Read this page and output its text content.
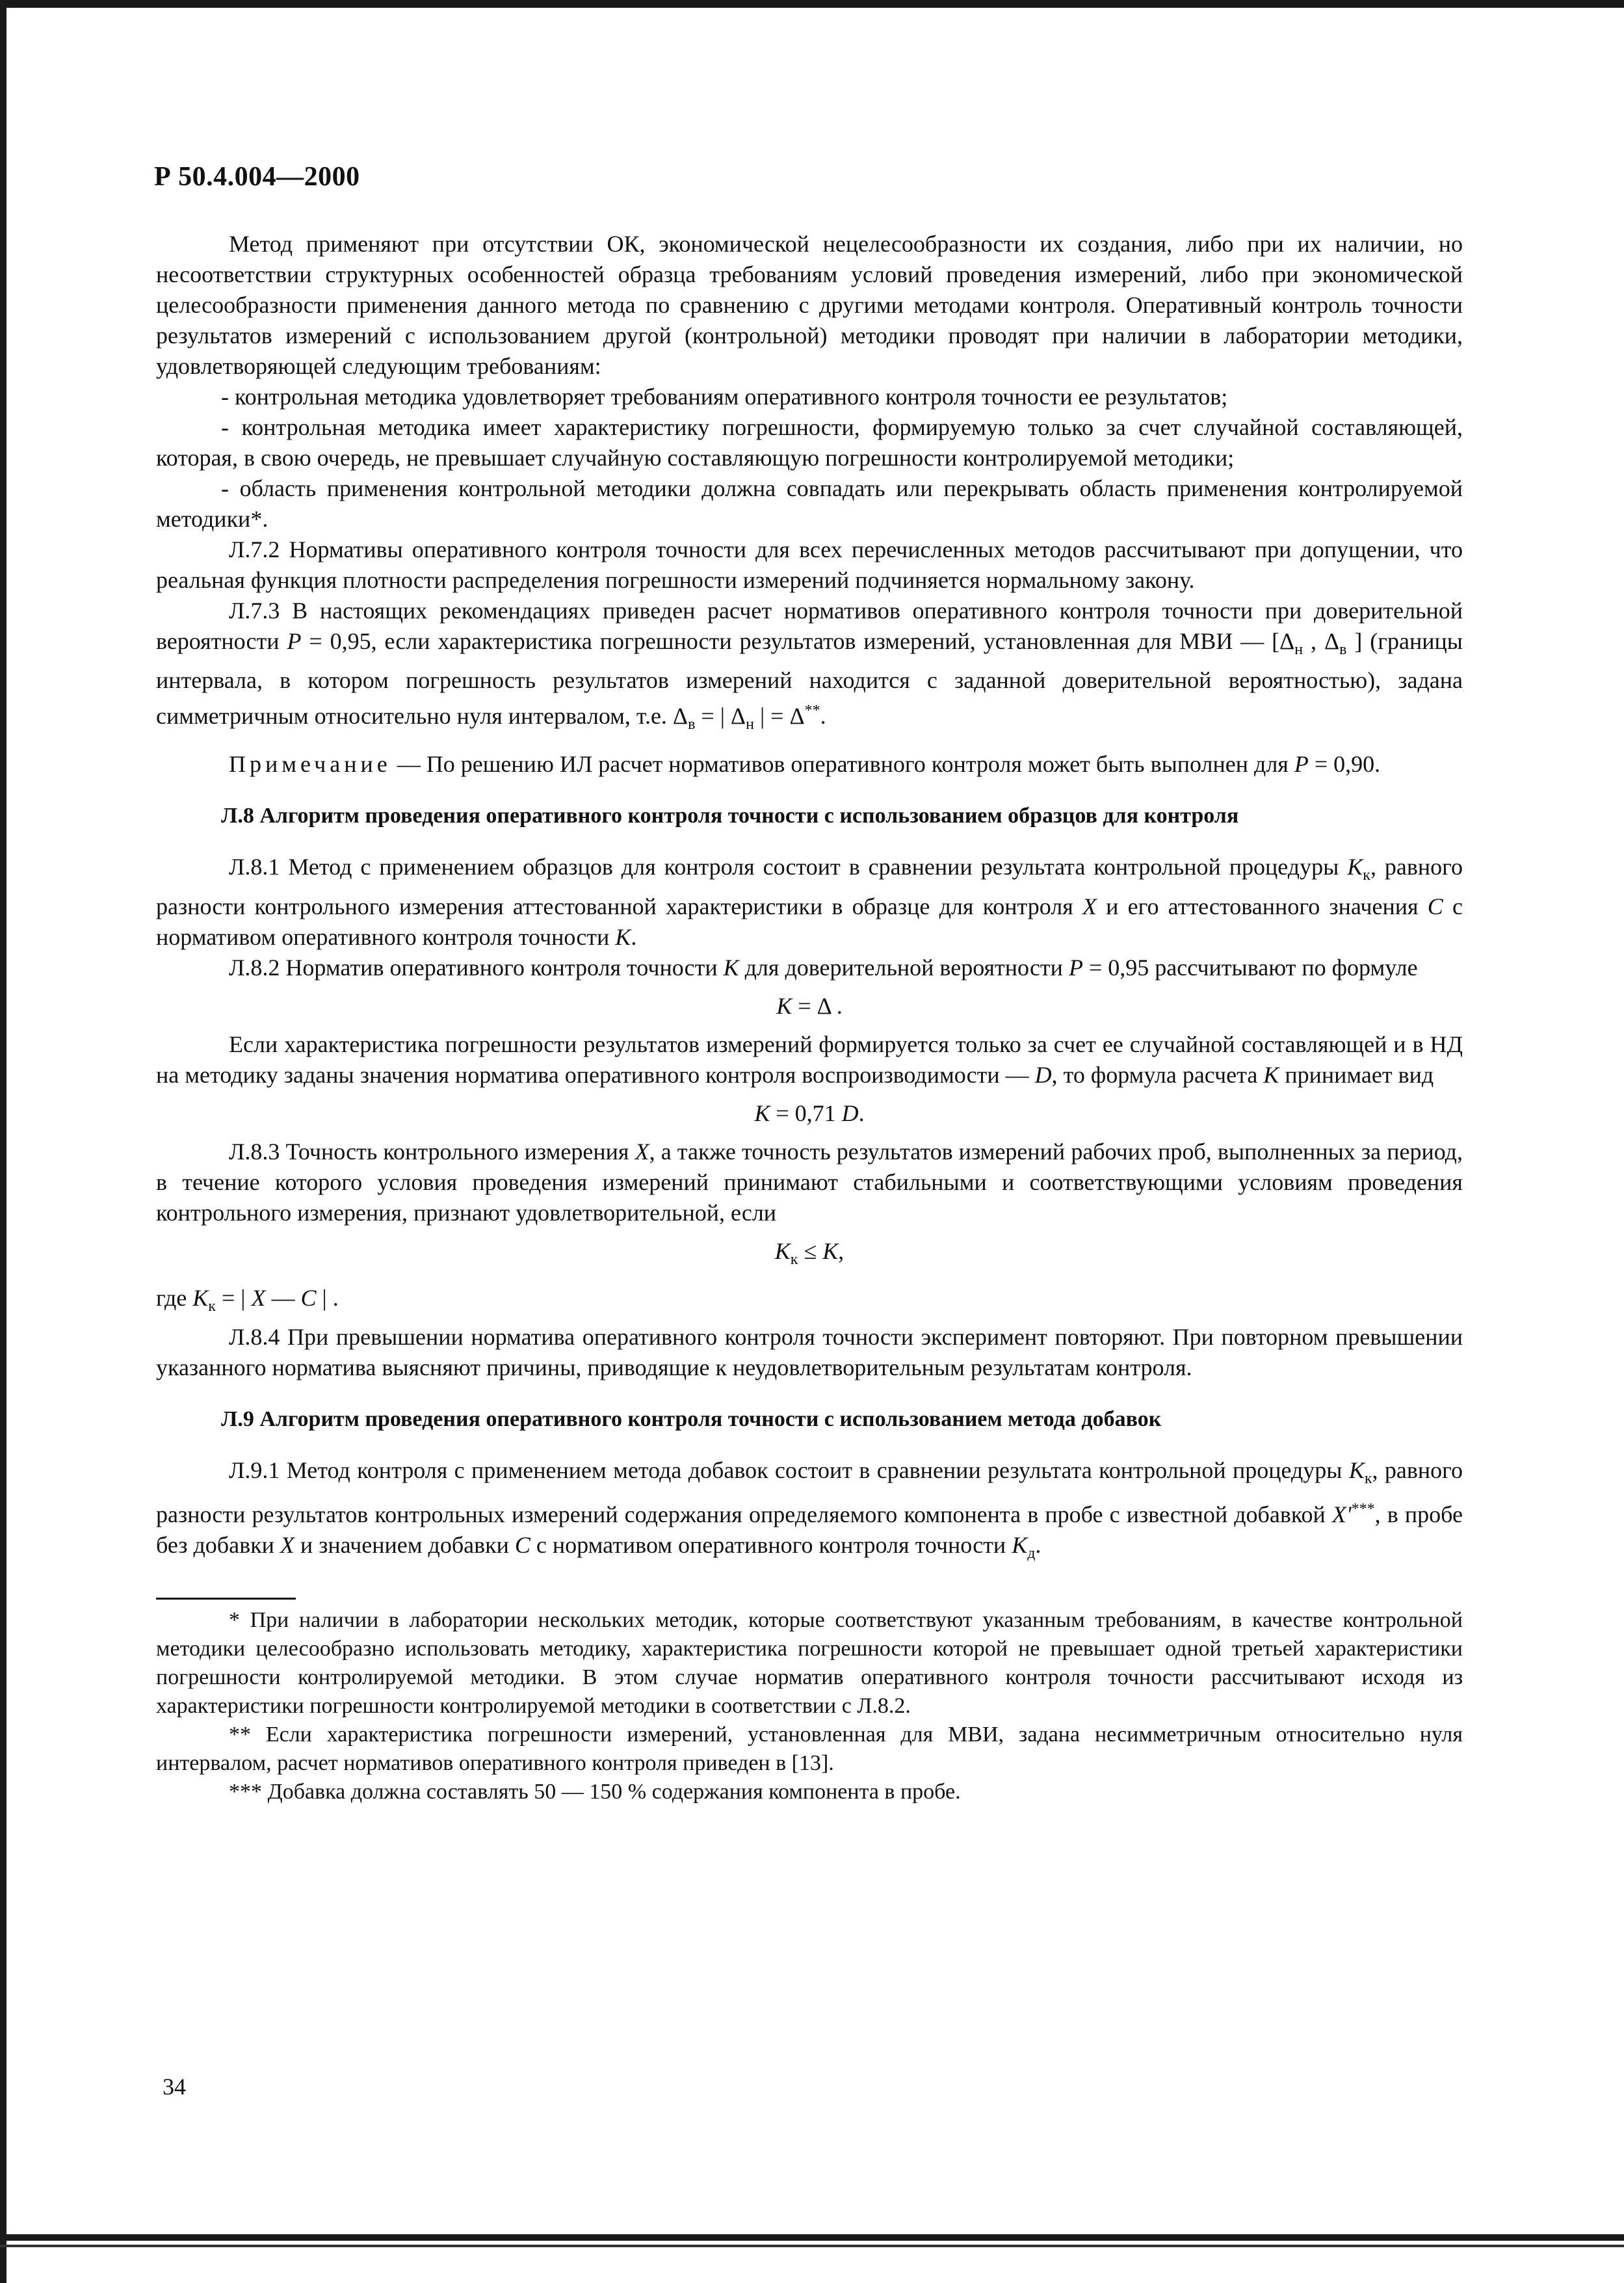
Р 50.4.004—2000

Метод применяют при отсутствии ОК, экономической нецелесообразности их создания, либо при их наличии, но несоответствии структурных особенностей образца требованиям условий проведения измерений, либо при экономической целесообразности применения данного метода по сравнению с другими методами контроля. Оперативный контроль точности результатов измерений с использованием другой (контрольной) методики проводят при наличии в лаборатории методики, удовлетворяющей следующим требованиям:

- контрольная методика удовлетворяет требованиям оперативного контроля точности ее результатов;

- контрольная методика имеет характеристику погрешности, формируемую только за счет случайной составляющей, которая, в свою очередь, не превышает случайную составляющую погрешности контролируемой методики;

- область применения контрольной методики должна совпадать или перекрывать область применения контролируемой методики*.

Л.7.2 Нормативы оперативного контроля точности для всех перечисленных методов рассчитывают при допущении, что реальная функция плотности распределения погрешности измерений подчиняется нормальному закону.

Л.7.3 В настоящих рекомендациях приведен расчет нормативов оперативного контроля точности при доверительной вероятности P = 0,95, если характеристика погрешности результатов измерений, установленная для МВИ — [$\Delta_н$ , $\Delta_в$ ] (границы интервала, в котором погрешность результатов измерений находится с заданной доверительной вероятностью), задана симметричным относительно нуля интервалом, т.е. $\Delta_в$ = | $\Delta_н$ | = Δ**.

Примечание — По решению ИЛ расчет нормативов оперативного контроля может быть выполнен для P = 0,90.

Л.8 Алгоритм проведения оперативного контроля точности с использованием образцов для контроля

Л.8.1 Метод с применением образцов для контроля состоит в сравнении результата контрольной процедуры $K_к$, равного разности контрольного измерения аттестованной характеристики в образце для контроля X и его аттестованного значения C с нормативом оперативного контроля точности K.

Л.8.2 Норматив оперативного контроля точности K для доверительной вероятности P = 0,95 рассчитывают по формуле

K = Δ .

Если характеристика погрешности результатов измерений формируется только за счет ее случайной составляющей и в НД на методику заданы значения норматива оперативного контроля воспроизводимости — D, то формула расчета K принимает вид

K = 0,71 D.

Л.8.3 Точность контрольного измерения X, а также точность результатов измерений рабочих проб, выполненных за период, в течение которого условия проведения измерений принимают стабильными и соответствующими условиям проведения контрольного измерения, признают удовлетворительной, если

$K_к \le K$,

где $K_к$ = | X — C | .

Л.8.4 При превышении норматива оперативного контроля точности эксперимент повторяют. При повторном превышении указанного норматива выясняют причины, приводящие к неудовлетворительным результатам контроля.

Л.9 Алгоритм проведения оперативного контроля точности с использованием метода добавок

Л.9.1 Метод контроля с применением метода добавок состоит в сравнении результата контрольной процедуры $K_к$, равного разности результатов контрольных измерений содержания определяемого компонента в пробе с известной добавкой X'***, в пробе без добавки X и значением добавки C с нормативом оперативного контроля точности $K_д$.

* При наличии в лаборатории нескольких методик, которые соответствуют указанным требованиям, в качестве контрольной методики целесообразно использовать методику, характеристика погрешности которой не превышает одной третьей характеристики погрешности контролируемой методики. В этом случае норматив оперативного контроля точности рассчитывают исходя из характеристики погрешности контролируемой методики в соответствии с Л.8.2.

** Если характеристика погрешности измерений, установленная для МВИ, задана несимметричным относительно нуля интервалом, расчет нормативов оперативного контроля приведен в [13].

*** Добавка должна составлять 50 — 150 % содержания компонента в пробе.

34
